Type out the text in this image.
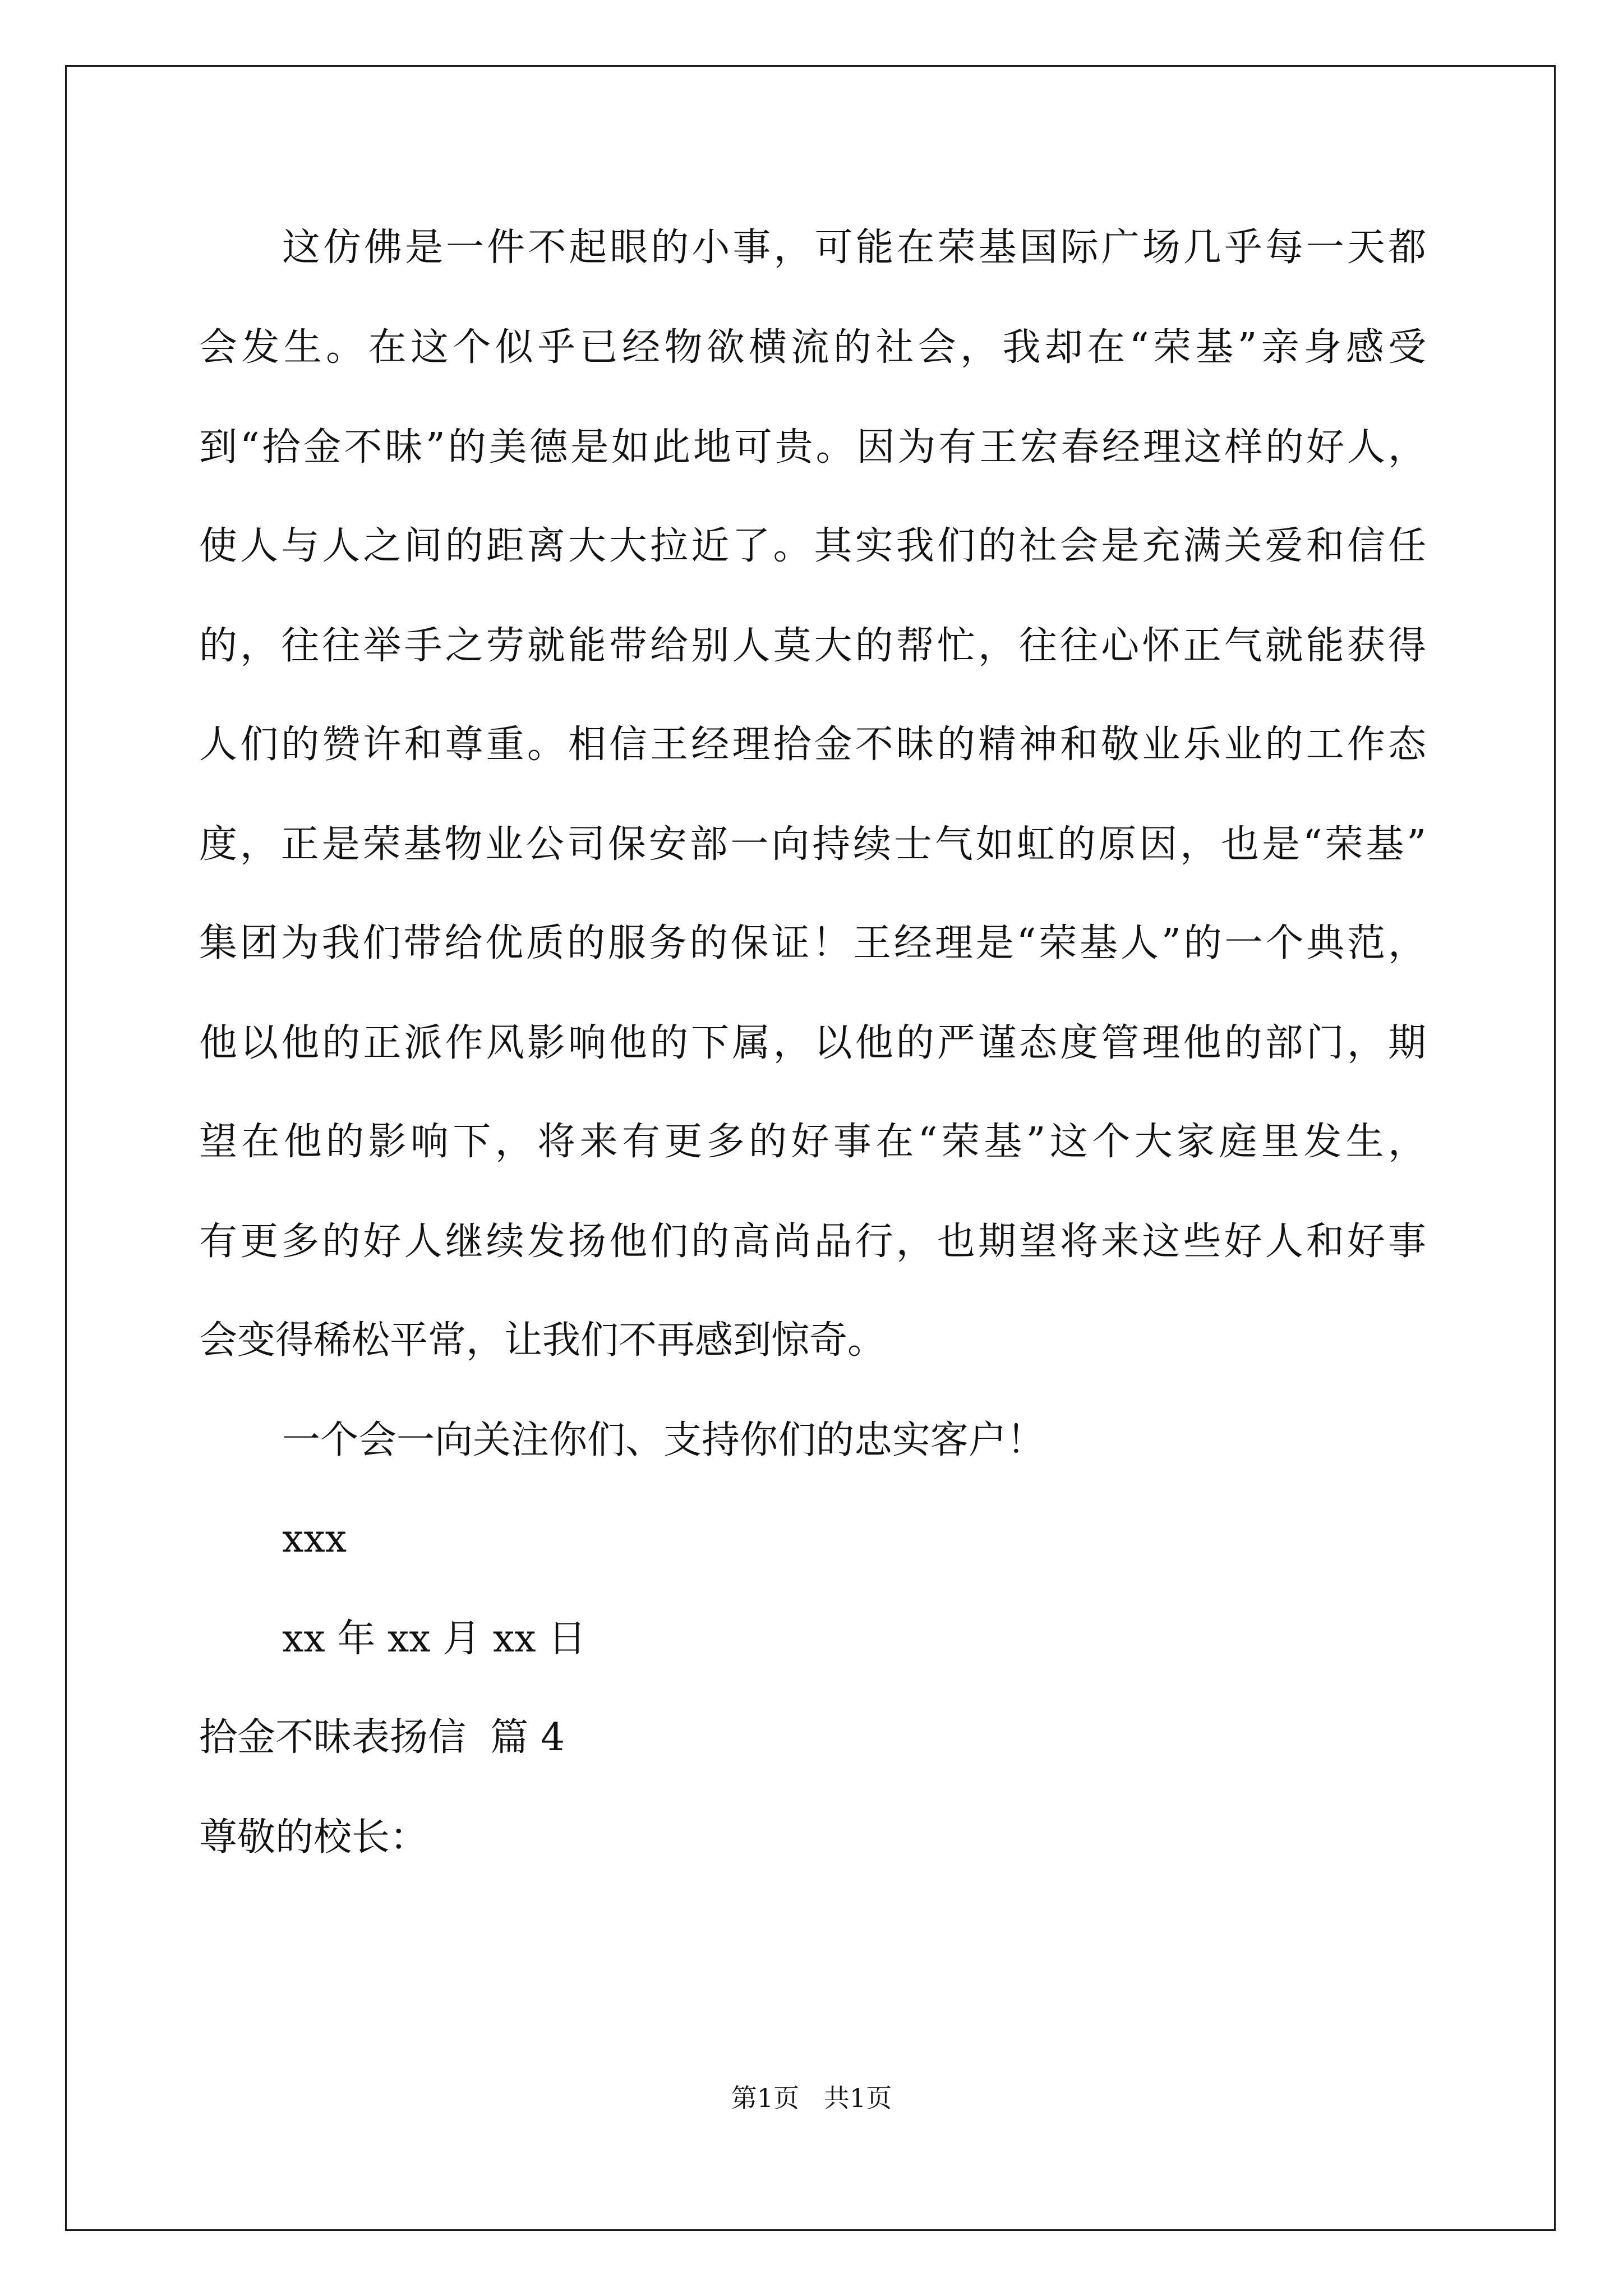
这仿佛是一件不起眼的小事，可能在荣基国际广场几乎每一天都
会发生。在这个似乎已经物欲横流的社会，我却在“荣基”亲身感受
到“拾金不昧”的美德是如此地可贵。因为有王宏春经理这样的好人，
使人与人之间的距离大大拉近了。其实我们的社会是充满关爱和信任
的，往往举手之劳就能带给别人莫大的帮忙，往往心怀正气就能获得
人们的赞许和尊重。相信王经理拾金不昧的精神和敬业乐业的工作态
度，正是荣基物业公司保安部一向持续士气如虹的原因，也是“荣基”
集团为我们带给优质的服务的保证！王经理是“荣基人”的一个典范，
他以他的正派作风影响他的下属，以他的严谨态度管理他的部门，期
望在他的影响下，将来有更多的好事在“荣基”这个大家庭里发生，
有更多的好人继续发扬他们的高尚品行，也期望将来这些好人和好事
会变得稀松平常，让我们不再感到惊奇。
一个会一向关注你们、支持你们的忠实客户！
xxx
xx 年 xx 月 xx 日
拾金不昧表扬信  篇 4
尊敬的校长：
第1页   共1页
